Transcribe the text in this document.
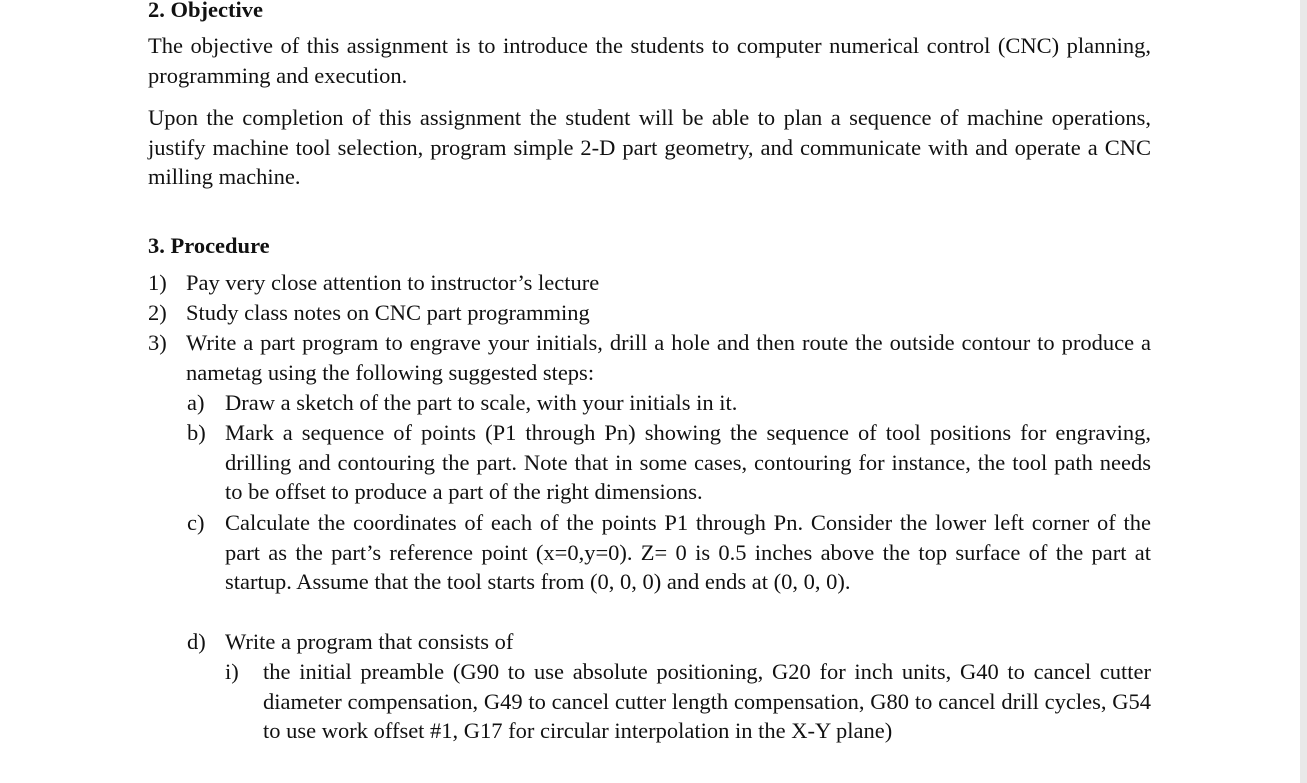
2. Objective

The objective of this assignment is to introduce the students to computer numerical control (CNC) planning, programming and execution.

Upon the completion of this assignment the student will be able to plan a sequence of machine operations, justify machine tool selection, program simple 2-D part geometry, and communicate with and operate a CNC milling machine.

3. Procedure
1) Pay very close attention to instructor’s lecture
2) Study class notes on CNC part programming
3) Write a part program to engrave your initials, drill a hole and then route the outside contour to produce a nametag using the following suggested steps:
a) Draw a sketch of the part to scale, with your initials in it.
b) Mark a sequence of points (P1 through Pn) showing the sequence of tool positions for engraving, drilling and contouring the part. Note that in some cases, contouring for instance, the tool path needs to be offset to produce a part of the right dimensions.
c) Calculate the coordinates of each of the points P1 through Pn. Consider the lower left corner of the part as the part’s reference point (x=0,y=0). Z= 0 is 0.5 inches above the top surface of the part at startup. Assume that the tool starts from (0, 0, 0) and ends at (0, 0, 0).
d) Write a program that consists of
i) the initial preamble (G90 to use absolute positioning, G20 for inch units, G40 to cancel cutter diameter compensation, G49 to cancel cutter length compensation, G80 to cancel drill cycles, G54 to use work offset #1, G17 for circular interpolation in the X-Y plane)
